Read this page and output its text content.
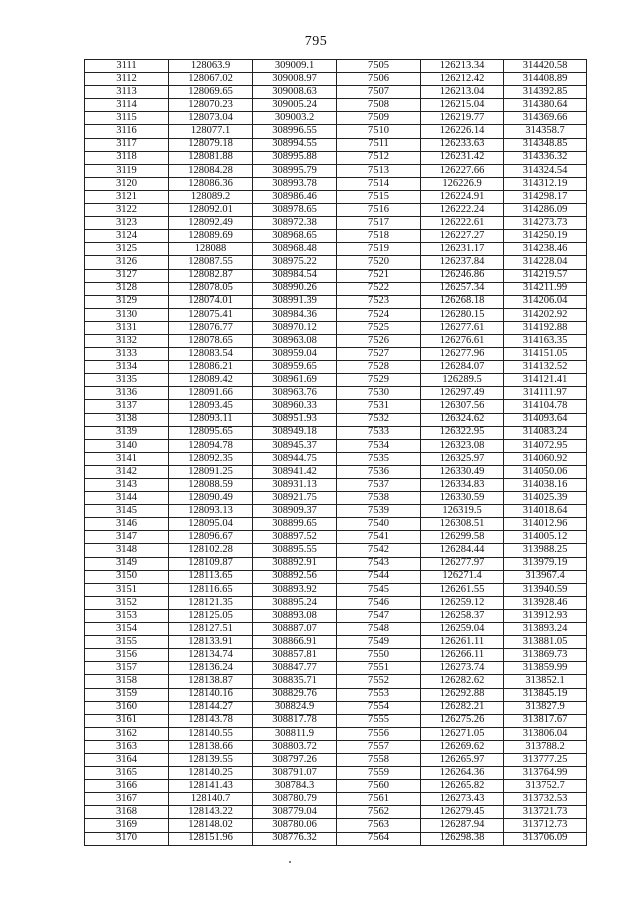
795
3111	128063.9	309009.1	7505	126213.34	314420.58
3112	128067.02	309008.97	7506	126212.42	314408.89
3113	128069.65	309008.63	7507	126213.04	314392.85
3114	128070.23	309005.24	7508	126215.04	314380.64
3115	128073.04	309003.2	7509	126219.77	314369.66
3116	128077.1	308996.55	7510	126226.14	314358.7
3117	128079.18	308994.55	7511	126233.63	314348.85
3118	128081.88	308995.88	7512	126231.42	314336.32
3119	128084.28	308995.79	7513	126227.66	314324.54
3120	128086.36	308993.78	7514	126226.9	314312.19
3121	128089.2	308986.46	7515	126224.91	314298.17
3122	128092.01	308978.65	7516	126222.24	314286.09
3123	128092.49	308972.38	7517	126222.61	314273.73
3124	128089.69	308968.65	7518	126227.27	314250.19
3125	128088	308968.48	7519	126231.17	314238.46
3126	128087.55	308975.22	7520	126237.84	314228.04
3127	128082.87	308984.54	7521	126246.86	314219.57
3128	128078.05	308990.26	7522	126257.34	314211.99
3129	128074.01	308991.39	7523	126268.18	314206.04
3130	128075.41	308984.36	7524	126280.15	314202.92
3131	128076.77	308970.12	7525	126277.61	314192.88
3132	128078.65	308963.08	7526	126276.61	314163.35
3133	128083.54	308959.04	7527	126277.96	314151.05
3134	128086.21	308959.65	7528	126284.07	314132.52
3135	128089.42	308961.69	7529	126289.5	314121.41
3136	128091.66	308963.76	7530	126297.49	314111.97
3137	128093.45	308960.33	7531	126307.56	314104.78
3138	128093.11	308951.93	7532	126324.62	314093.64
3139	128095.65	308949.18	7533	126322.95	314083.24
3140	128094.78	308945.37	7534	126323.08	314072.95
3141	128092.35	308944.75	7535	126325.97	314060.92
3142	128091.25	308941.42	7536	126330.49	314050.06
3143	128088.59	308931.13	7537	126334.83	314038.16
3144	128090.49	308921.75	7538	126330.59	314025.39
3145	128093.13	308909.37	7539	126319.5	314018.64
3146	128095.04	308899.65	7540	126308.51	314012.96
3147	128096.67	308897.52	7541	126299.58	314005.12
3148	128102.28	308895.55	7542	126284.44	313988.25
3149	128109.87	308892.91	7543	126277.97	313979.19
3150	128113.65	308892.56	7544	126271.4	313967.4
3151	128116.65	308893.92	7545	126261.55	313940.59
3152	128121.35	308895.24	7546	126259.12	313928.46
3153	128125.05	308893.08	7547	126258.37	313912.93
3154	128127.51	308887.07	7548	126259.04	313893.24
3155	128133.91	308866.91	7549	126261.11	313881.05
3156	128134.74	308857.81	7550	126266.11	313869.73
3157	128136.24	308847.77	7551	126273.74	313859.99
3158	128138.87	308835.71	7552	126282.62	313852.1
3159	128140.16	308829.76	7553	126292.88	313845.19
3160	128144.27	308824.9	7554	126282.21	313827.9
3161	128143.78	308817.78	7555	126275.26	313817.67
3162	128140.55	308811.9	7556	126271.05	313806.04
3163	128138.66	308803.72	7557	126269.62	313788.2
3164	128139.55	308797.26	7558	126265.97	313777.25
3165	128140.25	308791.07	7559	126264.36	313764.99
3166	128141.43	308784.3	7560	126265.82	313752.7
3167	128140.7	308780.79	7561	126273.43	313732.53
3168	128143.22	308779.04	7562	126279.45	313721.73
3169	128148.02	308780.06	7563	126287.94	313712.73
3170	128151.96	308776.32	7564	126298.38	313706.09
